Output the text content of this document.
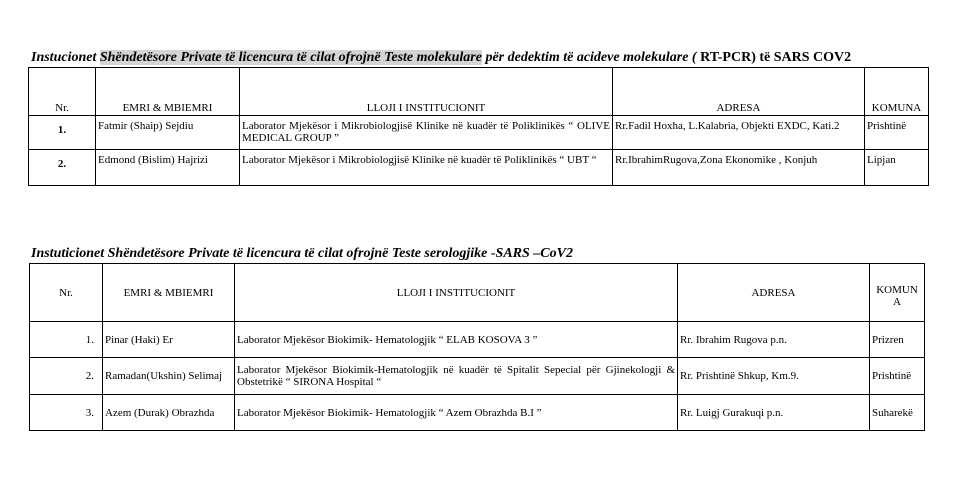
Instucionet Shëndetësore Private të licencura të cilat ofrojnë Teste molekulare për dedektim të acideve molekulare ( RT-PCR) të SARS COV2
Nr.	EMRI & MBIEMRI	LLOJI I INSTITUCIONIT	ADRESA	KOMUNA
1.	Fatmir (Shaip) Sejdiu	Laborator Mjekësor i Mikrobiologjisë Klinike në kuadër të Poliklinikës “ OLIVE MEDICAL GROUP ”	Rr.Fadil Hoxha, L.Kalabria, Objekti EXDC, Kati.2	Prishtinë
2.	Edmond (Bislim) Hajrizi	Laborator Mjekësor i Mikrobiologjisë Klinike në kuadër të Poliklinikës “ UBT “	Rr.IbrahimRugova,Zona Ekonomike , Konjuh	Lipjan
Instuticionet Shëndetësore Private të licencura të cilat ofrojnë Teste serologjike -SARS –CoV2
Nr.	EMRI & MBIEMRI	LLOJI I INSTITUCIONIT	ADRESA	KOMUN A
1.	Pinar (Haki) Er	Laborator Mjekësor Biokimik- Hematologjik “ ELAB KOSOVA 3 ”	Rr. Ibrahim Rugova p.n.	Prizren
2.	Ramadan(Ukshin) Selimaj	Laborator Mjekësor Biokimik-Hematologjik në kuadër të Spitalit Sepecial për Gjinekologji & Obstetrikë “ SIRONA Hospital “	Rr. Prishtinë Shkup, Km.9.	Prishtinë
3.	Azem (Durak) Obrazhda	Laborator Mjekësor Biokimik- Hematologjik “ Azem Obrazhda B.I ”	Rr. Luigj Gurakuqi p.n.	Suharekë
